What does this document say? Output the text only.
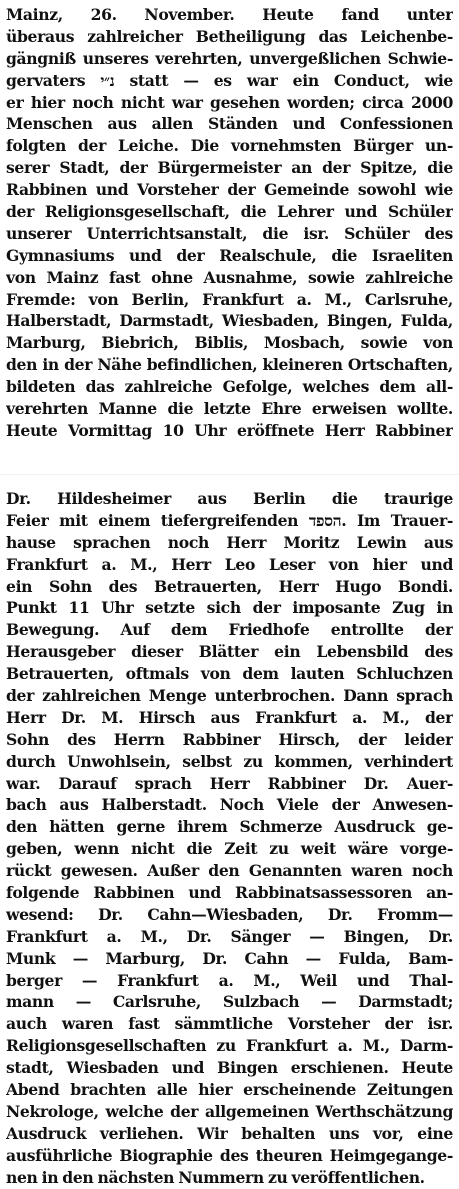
Mainz, 26. November. Heute fand unter
überaus zahlreicher Betheiligung das Leichenbe-
gängniß unseres verehrten, unvergeßlichen Schwie-
gervaters נ״י statt — es war ein Conduct, wie
er hier noch nicht war gesehen worden; circa 2000
Menschen aus allen Ständen und Confessionen
folgten der Leiche. Die vornehmsten Bürger un-
serer Stadt, der Bürgermeister an der Spitze, die
Rabbinen und Vorsteher der Gemeinde sowohl wie
der Religionsgesellschaft, die Lehrer und Schüler
unserer Unterrichtsanstalt, die isr. Schüler des
Gymnasiums und der Realschule, die Israeliten
von Mainz fast ohne Ausnahme, sowie zahlreiche
Fremde: von Berlin, Frankfurt a. M., Carlsruhe,
Halberstadt, Darmstadt, Wiesbaden, Bingen, Fulda,
Marburg, Biebrich, Biblis, Mosbach, sowie von
den in der Nähe befindlichen, kleineren Ortschaften,
bildeten das zahlreiche Gefolge, welches dem all-
verehrten Manne die letzte Ehre erweisen wollte.
Heute Vormittag 10 Uhr eröffnete Herr Rabbiner
Dr. Hildesheimer aus Berlin die traurige
Feier mit einem tiefergreifenden הספד. Im Trauer-
hause sprachen noch Herr Moritz Lewin aus
Frankfurt a. M., Herr Leo Leser von hier und
ein Sohn des Betrauerten, Herr Hugo Bondi.
Punkt 11 Uhr setzte sich der imposante Zug in
Bewegung. Auf dem Friedhofe entrollte der
Herausgeber dieser Blätter ein Lebensbild des
Betrauerten, oftmals von dem lauten Schluchzen
der zahlreichen Menge unterbrochen. Dann sprach
Herr Dr. M. Hirsch aus Frankfurt a. M., der
Sohn des Herrn Rabbiner Hirsch, der leider
durch Unwohlsein, selbst zu kommen, verhindert
war. Darauf sprach Herr Rabbiner Dr. Auer-
bach aus Halberstadt. Noch Viele der Anwesen-
den hätten gerne ihrem Schmerze Ausdruck ge-
geben, wenn nicht die Zeit zu weit wäre vorge-
rückt gewesen. Außer den Genannten waren noch
folgende Rabbinen und Rabbinatsassessoren an-
wesend: Dr. Cahn—Wiesbaden, Dr. Fromm—
Frankfurt a. M., Dr. Sänger — Bingen, Dr.
Munk — Marburg, Dr. Cahn — Fulda, Bam-
berger — Frankfurt a. M., Weil und Thal-
mann — Carlsruhe, Sulzbach — Darmstadt;
auch waren fast sämmtliche Vorsteher der isr.
Religionsgesellschaften zu Frankfurt a. M., Darm-
stadt, Wiesbaden und Bingen erschienen. Heute
Abend brachten alle hier erscheinende Zeitungen
Nekrologe, welche der allgemeinen Werthschätzung
Ausdruck verliehen. Wir behalten uns vor, eine
ausführliche Biographie des theuren Heimgegange-
nen in den nächsten Nummern zu veröffentlichen.
